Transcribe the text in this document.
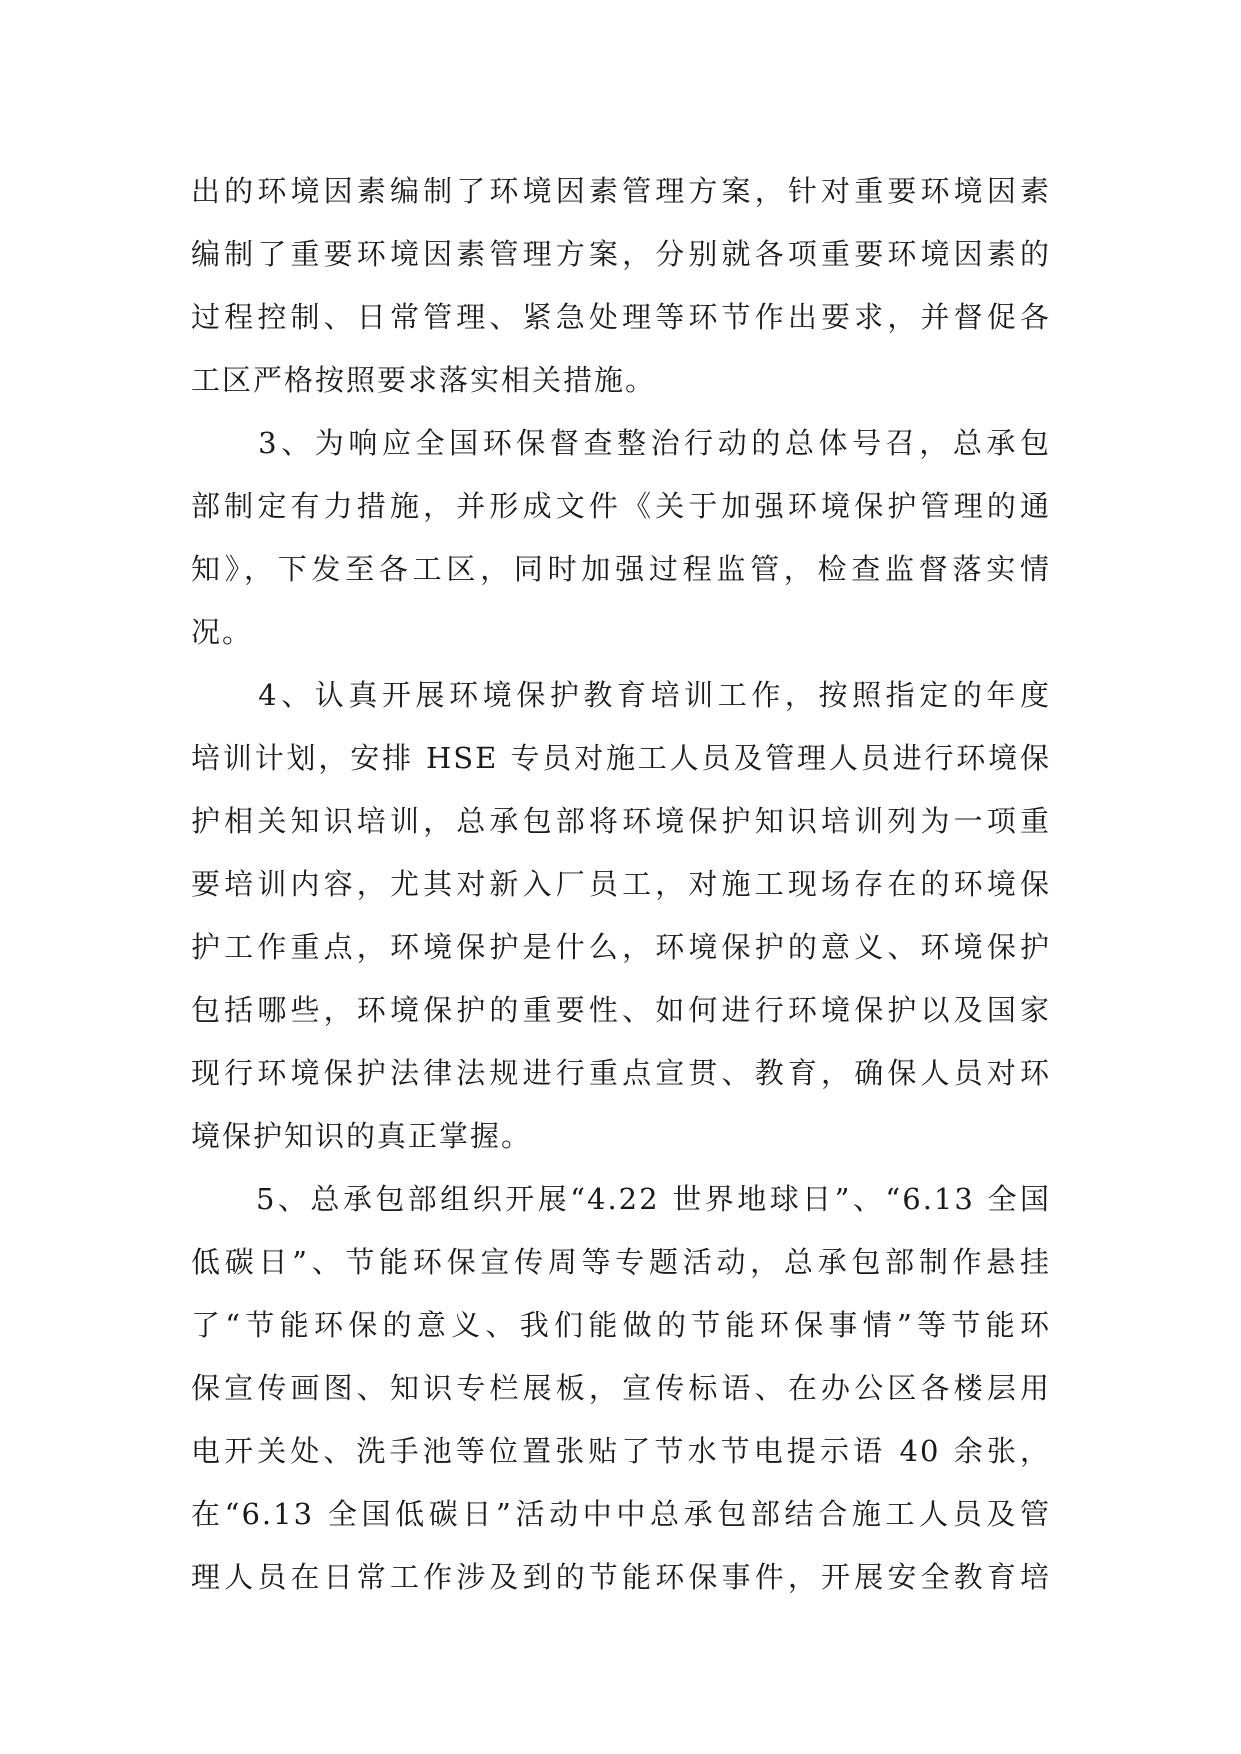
出的环境因素编制了环境因素管理方案，针对重要环境因素
编制了重要环境因素管理方案，分别就各项重要环境因素的
过程控制、日常管理、紧急处理等环节作出要求，并督促各
工区严格按照要求落实相关措施。
　　3、为响应全国环保督查整治行动的总体号召，总承包
部制定有力措施，并形成文件《关于加强环境保护管理的通
知》，下发至各工区，同时加强过程监管，检查监督落实情
况。
　　4、认真开展环境保护教育培训工作，按照指定的年度
培训计划，安排 HSE 专员对施工人员及管理人员进行环境保
护相关知识培训，总承包部将环境保护知识培训列为一项重
要培训内容，尤其对新入厂员工，对施工现场存在的环境保
护工作重点，环境保护是什么，环境保护的意义、环境保护
包括哪些，环境保护的重要性、如何进行环境保护以及国家
现行环境保护法律法规进行重点宣贯、教育，确保人员对环
境保护知识的真正掌握。
　　5、总承包部组织开展“4.22 世界地球日”、“6.13 全国
低碳日”、节能环保宣传周等专题活动，总承包部制作悬挂
了“节能环保的意义、我们能做的节能环保事情”等节能环
保宣传画图、知识专栏展板，宣传标语、在办公区各楼层用
电开关处、洗手池等位置张贴了节水节电提示语 40 余张，
在“6.13 全国低碳日”活动中中总承包部结合施工人员及管
理人员在日常工作涉及到的节能环保事件，开展安全教育培
